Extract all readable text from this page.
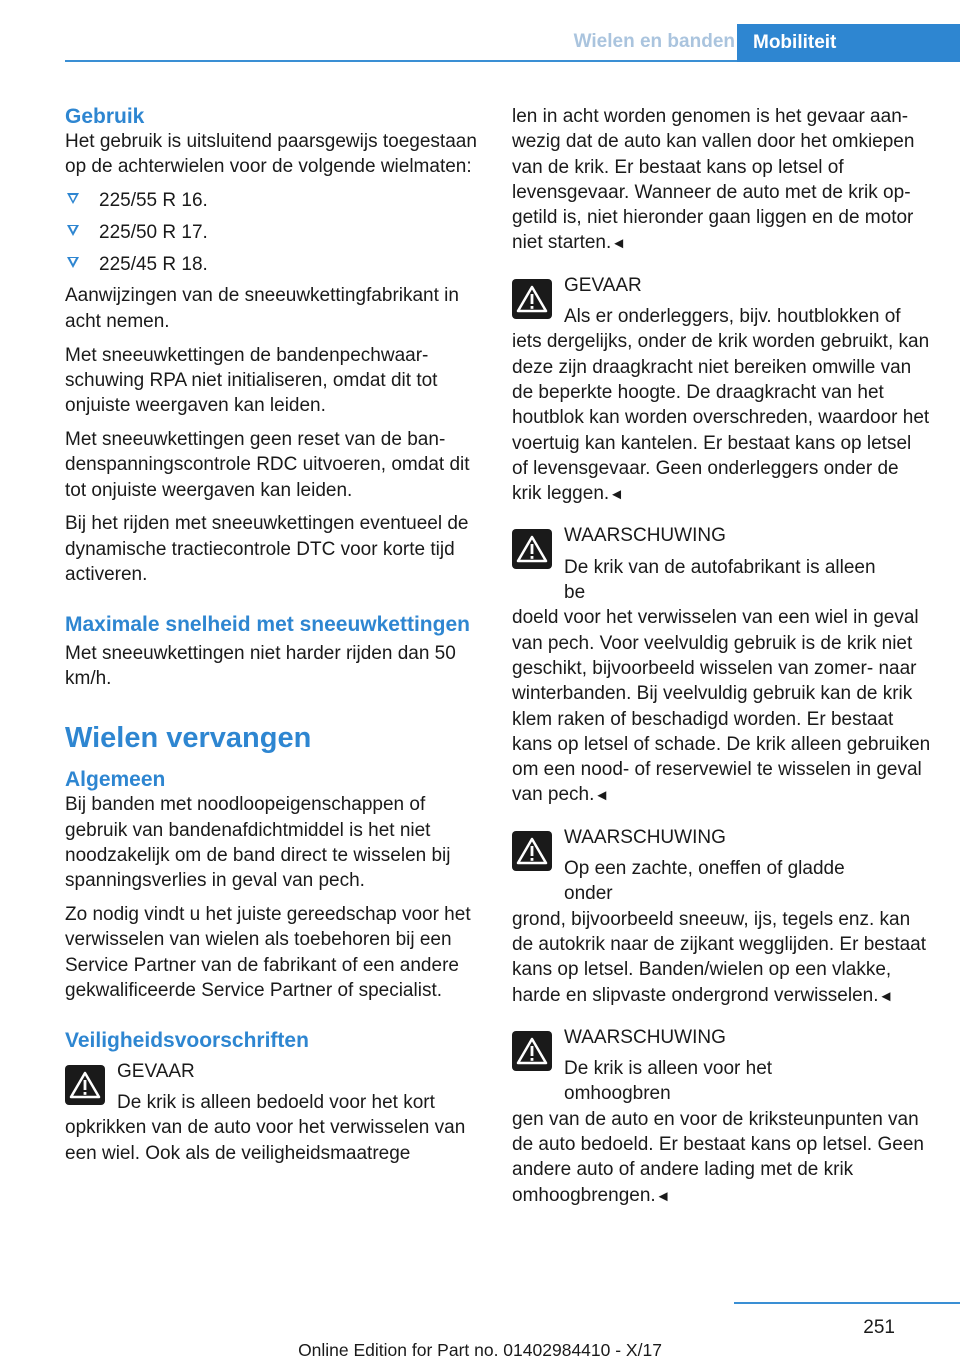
Wielen en banden Mobiliteit
Gebruik

Het gebruik is uitsluitend paarsgewijs toegestaan op de achterwielen voor de volgende wielmaten:

225/55 R 16.
225/50 R 17.
225/45 R 18.

Aanwijzingen van de sneeuwkettingfabrikant in acht nemen.

Met sneeuwkettingen de bandenpechwaarschuwing RPA niet initialiseren, omdat dit tot onjuiste weergaven kan leiden.

Met sneeuwkettingen geen reset van de bandenspanningscontrole RDC uitvoeren, omdat dit tot onjuiste weergaven kan leiden.

Bij het rijden met sneeuwkettingen eventueel de dynamische tractiecontrole DTC voor korte tijd activeren.

Maximale snelheid met sneeuwkettingen

Met sneeuwkettingen niet harder rijden dan 50 km/h.

Wielen vervangen
Algemeen

Bij banden met noodloopeigenschappen of gebruik van bandenafdichtmiddel is het niet noodzakelijk om de band direct te wisselen bij spanningsverlies in geval van pech.

Zo nodig vindt u het juiste gereedschap voor het verwisselen van wielen als toebehoren bij een Service Partner van de fabrikant of een andere gekwalificeerde Service Partner of specialist.

Veiligheidsvoorschriften
GEVAAR
De krik is alleen bedoeld voor het kort
opkrikken van de auto voor het verwisselen van een wiel. Ook als de veiligheidsmaatrege

len in acht worden genomen is het gevaar aanwezig dat de auto kan vallen door het omkiepen van de krik. Er bestaat kans op letsel of levensgevaar. Wanneer de auto met de krik opgetild is, niet hieronder gaan liggen en de motor niet starten.◄

GEVAAR
Als er onderleggers, bijv. houtblokken of
iets dergelijks, onder de krik worden gebruikt, kan deze zijn draagkracht niet bereiken omwille van de beperkte hoogte. De draagkracht van het houtblok kan worden overschreden, waardoor het voertuig kan kantelen. Er bestaat kans op letsel of levensgevaar. Geen onderleggers onder de krik leggen.◄
WAARSCHUWING
De krik van de autofabrikant is alleen be
doeld voor het verwisselen van een wiel in geval van pech. Voor veelvuldig gebruik is de krik niet geschikt, bijvoorbeeld wisselen van zomer- naar winterbanden. Bij veelvuldig gebruik kan de krik klem raken of beschadigd worden. Er bestaat kans op letsel of schade. De krik alleen gebruiken om een nood- of reservewiel te wisselen in geval van pech.◄
WAARSCHUWING
Op een zachte, oneffen of gladde onder
grond, bijvoorbeeld sneeuw, ijs, tegels enz. kan de autokrik naar de zijkant wegglijden. Er bestaat kans op letsel. Banden/wielen op een vlakke, harde en slipvaste ondergrond verwisselen.◄
WAARSCHUWING
De krik is alleen voor het omhoogbren
gen van de auto en voor de kriksteunpunten van de auto bedoeld. Er bestaat kans op letsel. Geen andere auto of andere lading met de krik omhoogbrengen.◄
251
Online Edition for Part no. 01402984410 - X/17
